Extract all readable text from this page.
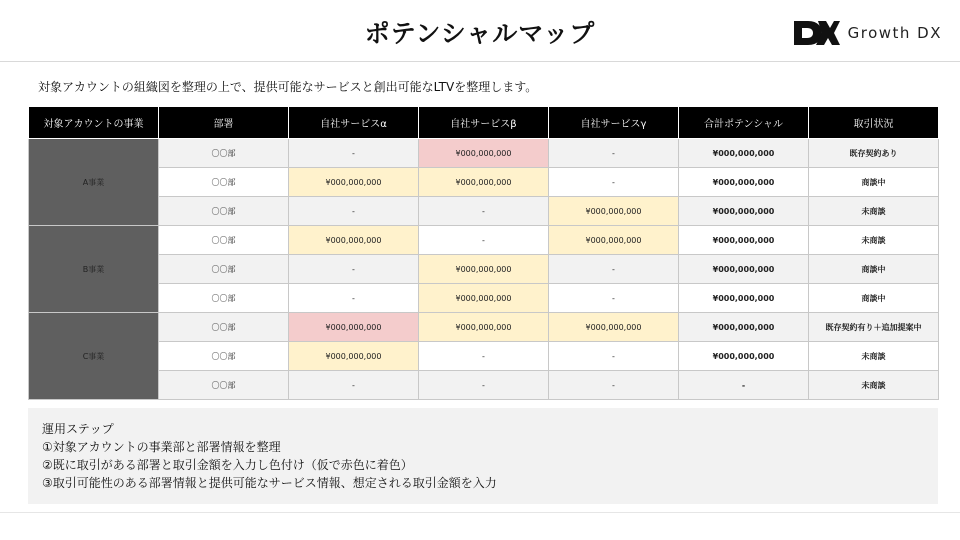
ポテンシャルマップ	Growth DX
対象アカウントの組織図を整理の上で、提供可能なサービスと創出可能なLTVを整理します。
対象アカウントの事業	部署	自社サービスα	自社サービスβ	自社サービスγ	合計ポテンシャル	取引状況
A事業	〇〇部	-	¥000,000,000	-	¥000,000,000	既存契約あり
	〇〇部	¥000,000,000	¥000,000,000	-	¥000,000,000	商談中
	〇〇部	-	-	¥000,000,000	¥000,000,000	未商談
B事業	〇〇部	¥000,000,000	-	¥000,000,000	¥000,000,000	未商談
	〇〇部	-	¥000,000,000	-	¥000,000,000	商談中
	〇〇部	-	¥000,000,000	-	¥000,000,000	商談中
C事業	〇〇部	¥000,000,000	¥000,000,000	¥000,000,000	¥000,000,000	既存契約有り＋追加提案中
	〇〇部	¥000,000,000	-	-	¥000,000,000	未商談
	〇〇部	-	-	-	-	未商談
運用ステップ
①対象アカウントの事業部と部署情報を整理
②既に取引がある部署と取引金額を入力し色付け（仮で赤色に着色）
③取引可能性のある部署情報と提供可能なサービス情報、想定される取引金額を入力
